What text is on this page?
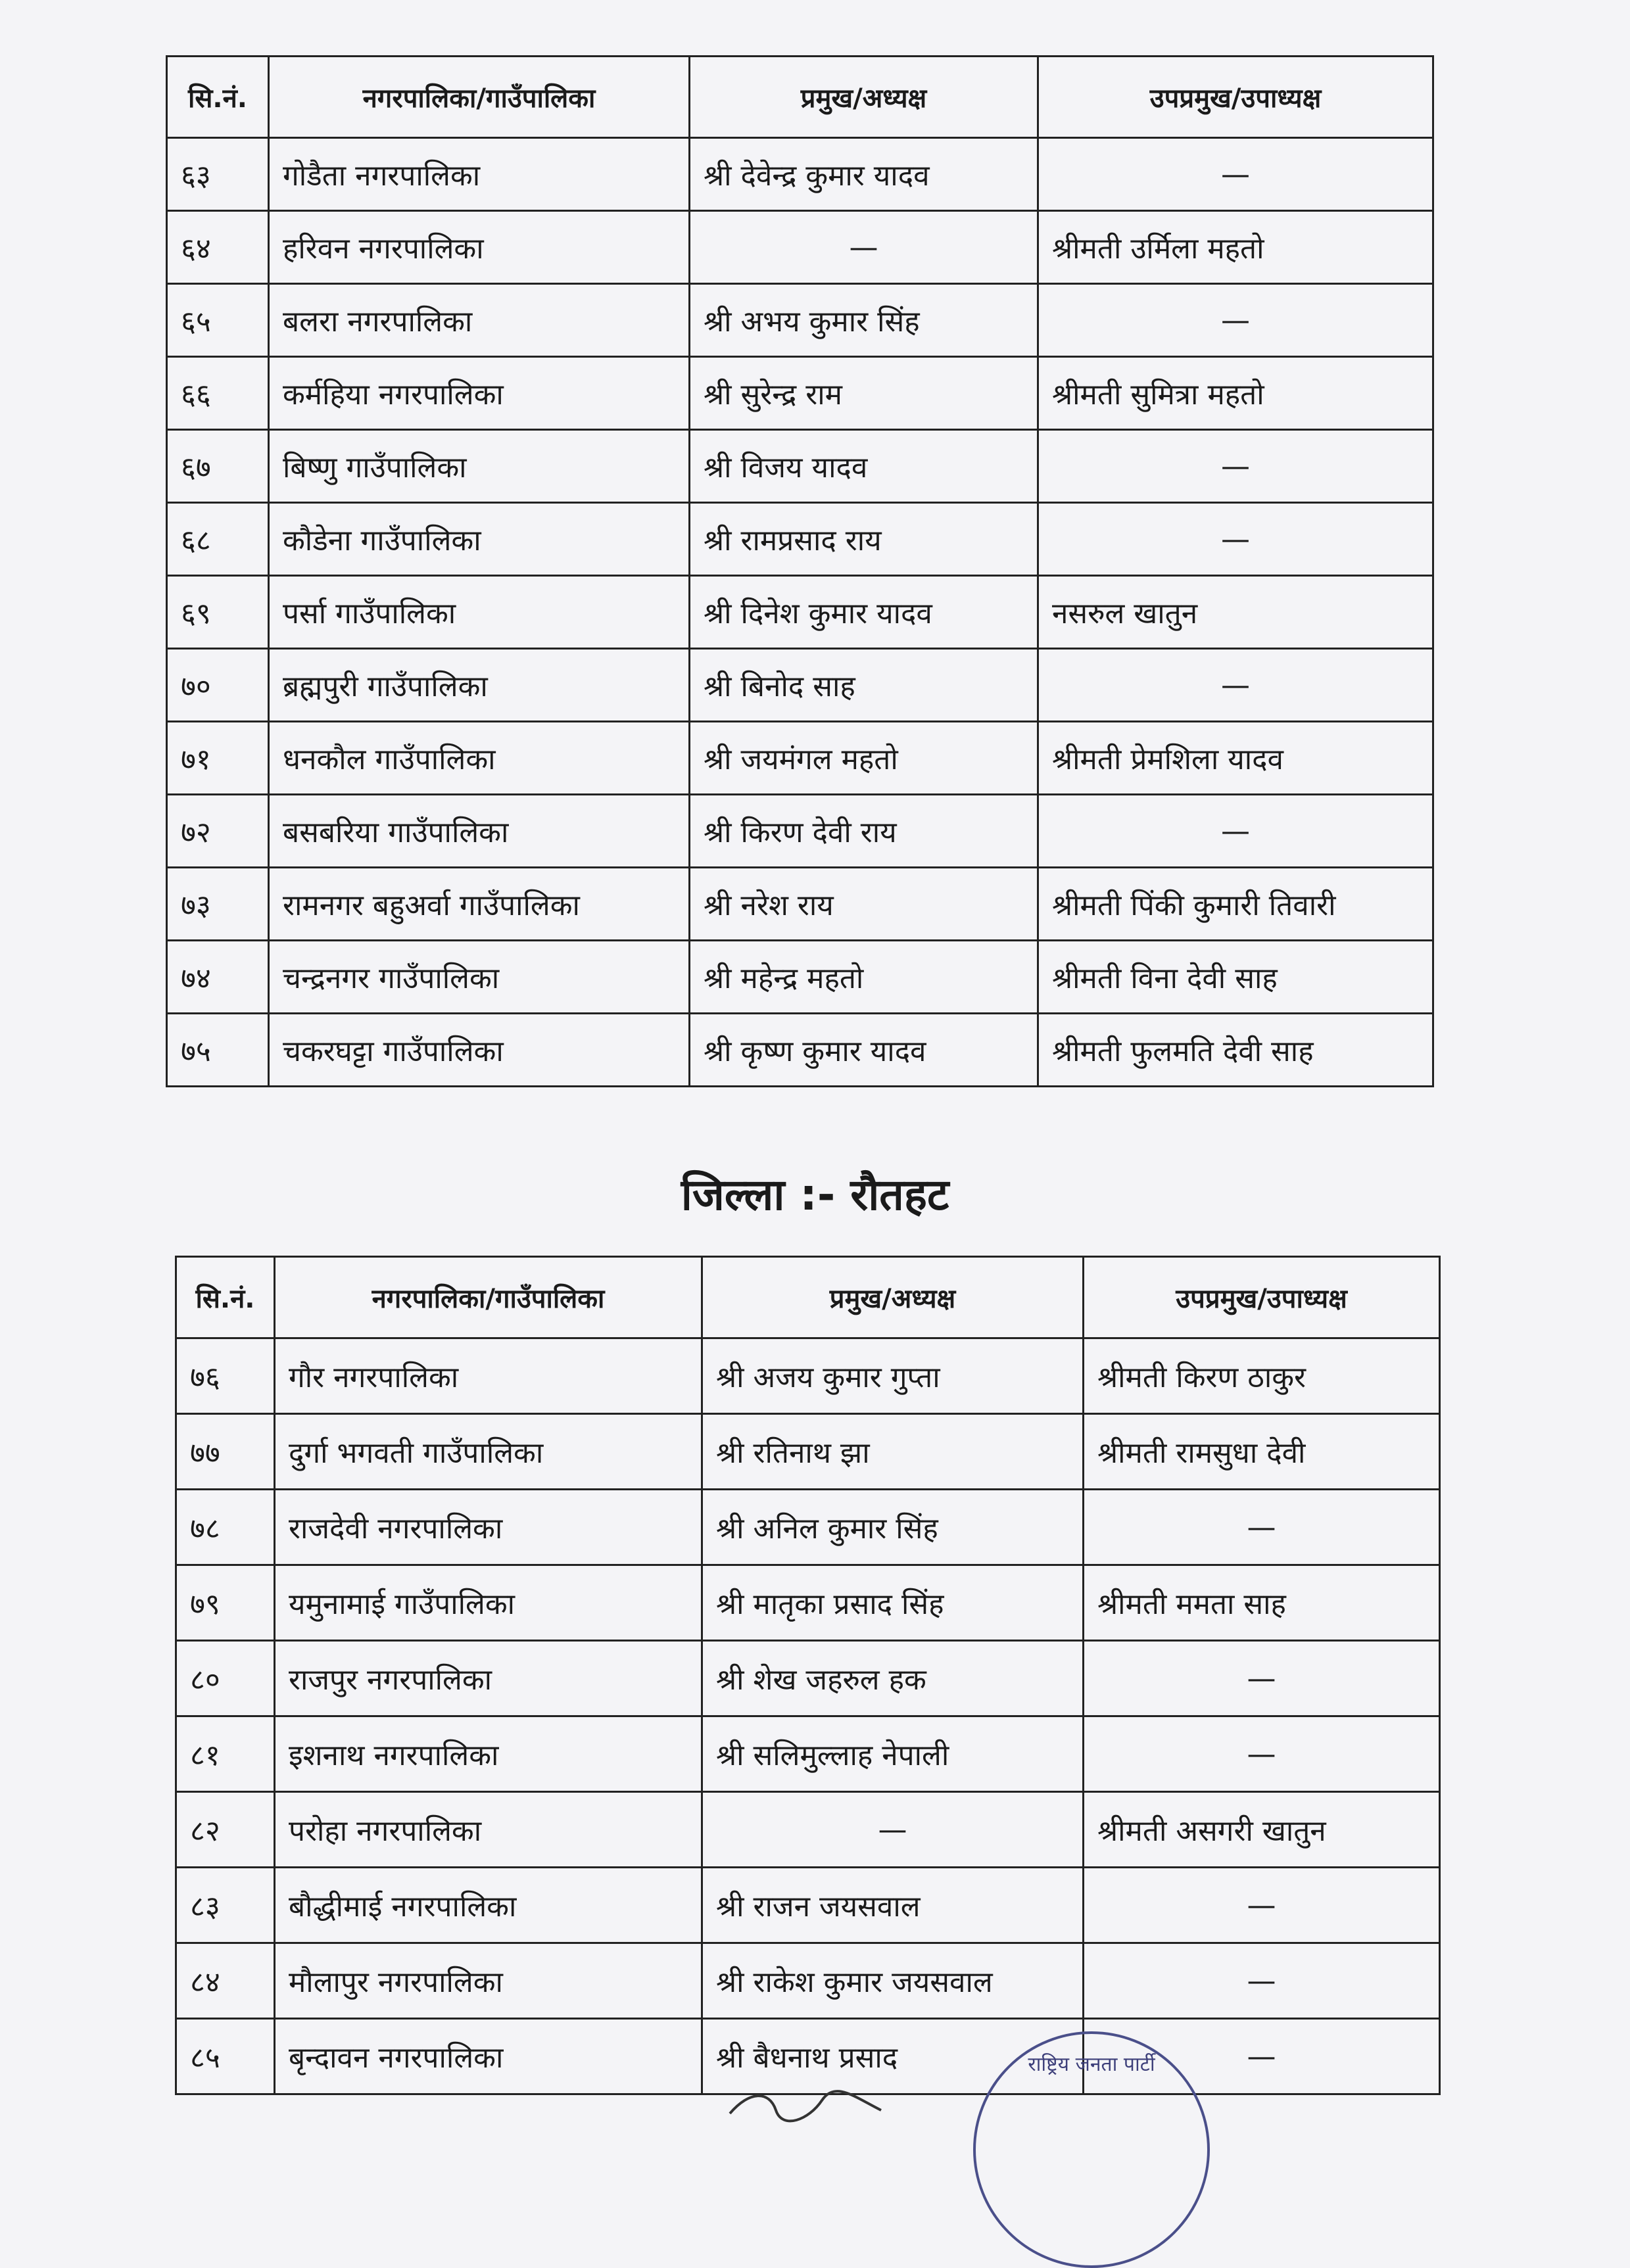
सि.नं.	नगरपालिका/गाउँपालिका	प्रमुख/अध्यक्ष	उपप्रमुख/उपाध्यक्ष
६३	गोडैता नगरपालिका	श्री देवेन्द्र कुमार यादव	—
६४	हरिवन नगरपालिका	—	श्रीमती उर्मिला महतो
६५	बलरा नगरपालिका	श्री अभय कुमार सिंह	—
६६	कर्महिया नगरपालिका	श्री सुरेन्द्र राम	श्रीमती सुमित्रा महतो
६७	बिष्णु गाउँपालिका	श्री विजय यादव	—
६८	कौडेना गाउँपालिका	श्री रामप्रसाद राय	—
६९	पर्सा गाउँपालिका	श्री दिनेश कुमार यादव	नसरुल खातुन
७०	ब्रह्मपुरी गाउँपालिका	श्री बिनोद साह	—
७१	धनकौल गाउँपालिका	श्री जयमंगल महतो	श्रीमती प्रेमशिला यादव
७२	बसबरिया गाउँपालिका	श्री किरण देवी राय	—
७३	रामनगर बहुअर्वा गाउँपालिका	श्री नरेश राय	श्रीमती पिंकी कुमारी तिवारी
७४	चन्द्रनगर गाउँपालिका	श्री महेन्द्र महतो	श्रीमती विना देवी साह
७५	चकरघट्टा गाउँपालिका	श्री कृष्ण कुमार यादव	श्रीमती फुलमति देवी साह
जिल्ला :- रौतहट
सि.नं.	नगरपालिका/गाउँपालिका	प्रमुख/अध्यक्ष	उपप्रमुख/उपाध्यक्ष
७६	गौर नगरपालिका	श्री अजय कुमार गुप्ता	श्रीमती किरण ठाकुर
७७	दुर्गा भगवती गाउँपालिका	श्री रतिनाथ झा	श्रीमती रामसुधा देवी
७८	राजदेवी नगरपालिका	श्री अनिल कुमार सिंह	—
७९	यमुनामाई गाउँपालिका	श्री मातृका प्रसाद सिंह	श्रीमती ममता साह
८०	राजपुर नगरपालिका	श्री शेख जहरुल हक	—
८१	इशनाथ नगरपालिका	श्री सलिमुल्लाह नेपाली	—
८२	परोहा नगरपालिका	—	श्रीमती असगरी खातुन
८३	बौद्धीमाई नगरपालिका	श्री राजन जयसवाल	—
८४	मौलापुर नगरपालिका	श्री राकेश कुमार जयसवाल	—
८५	बृन्दावन नगरपालिका	श्री बैधनाथ प्रसाद	—
राष्ट्रिय जनता पार्टी
